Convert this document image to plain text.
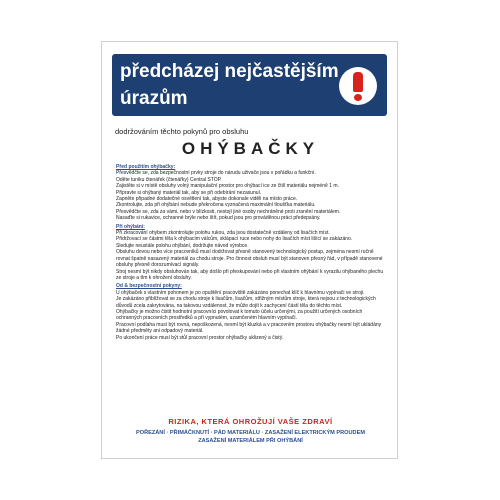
předcházej nejčastějším
úrazům
dodržováním těchto pokynů pro obsluhu
OHÝBAČKY
Před použitím ohýbačky:

Přesvědčte se, zda bezpečnostní prvky stroje do nárudu uživače jsou v pořádku a funkční.

Oděte tuniku čtenářek (čtenářky) Central STOP.

Zajistěte si v místě obsluhy volný manipulační prostor pro ohýbací ice ze čtilí materiálu nejméně 1 m.

Připravte si ohýbaný materiál tak, aby se při odebírání nezasunul.

Zapněte připadné dodatečné osvětlení tak, abyste dokonale viděli na místo práce.

Zkontrolujte, zda při ohýbání nebude překročena vyznačená maximální tloušťka materiálu.

Přesvědčte se, zda za vámi, nebo v blízkosti, nestojí jiné osoby nechráněné proti zranění materiálem.

Nasaďte si rukavice, ochranné brýle nebo štít, pokud jsou pro prováděnou práci předepsány.

Při ohýbání:

Při zkracování ohybem zkontrolujte polohu rukou, zda jsou dostatečně vzdáleny od lisačích míst.

Přidržovací se částmi těla k ohýbacím válcům, sklápací ruce nebo nohy do lisačích míst lišící se zakázáno.

Sledujte neustále polohu ohýbání, dodržujte návod výrobce.

Obsluhu dovou nebo více pracovníků musí dodržovat přesně stanovený technologický postup, zejména nesmí ručně rovnat špatně nasazený materiál za chodu stroje. Pro činnost obsluh musí být stanoven přesný řád, v případě stanovené obsluhy přesně dorozumívací signály.

Stroj nesmí být nikdy obsluhován tak, aby došlo při přeskupování nebo při vlastním ohýbání k vyrazilu ohýbaného plechu ze stroje a tím k ohrožení obsluhy.

Od & bezpečnostní pokyny:

U ohýbaček s vlastním pohonem je po opuštění pracoviště zakázáno ponechat klíč k hlavnímu vypínači ve stroji.

Je zakázáno přiblížovat se za chodu stroje k lisačům, lisačům, střižným místům stroje, která nejsou z technologických důvodů zcela zakrytována, na takovou vzdálenost, že může dojít k zachycení částí těla do těchto míst.

Ohýbačky je možno čistit hodnotní pracovníci povolovat k tomuto účelu určenými, za použití určených osobních ochranných pracovních prostředků a při vypnutém, uzamčeném hlavním vypínači.

Pracovní podlaha musí být rovná, nepoškozená, nesmí být kluzká a v pracovním prostoru ohýbačky nesmí být ukládány žádné předměty ani odpadový materiál.

Po ukončení práce musí být stůl pracovní prostor ohýbačky uklizený a čistý.

RIZIKA, KTERÁ OHROŽUJÍ VAŠE ZDRAVÍ
POŘEZÁNÍ · PŘIMÁČKNUTÍ · PÁD MATERIÁLU · ZASAŽENÍ ELEKTRICKÝM PROUDEM
ZASAŽENÍ MATERIÁLEM PŘI OHÝBÁNÍ
